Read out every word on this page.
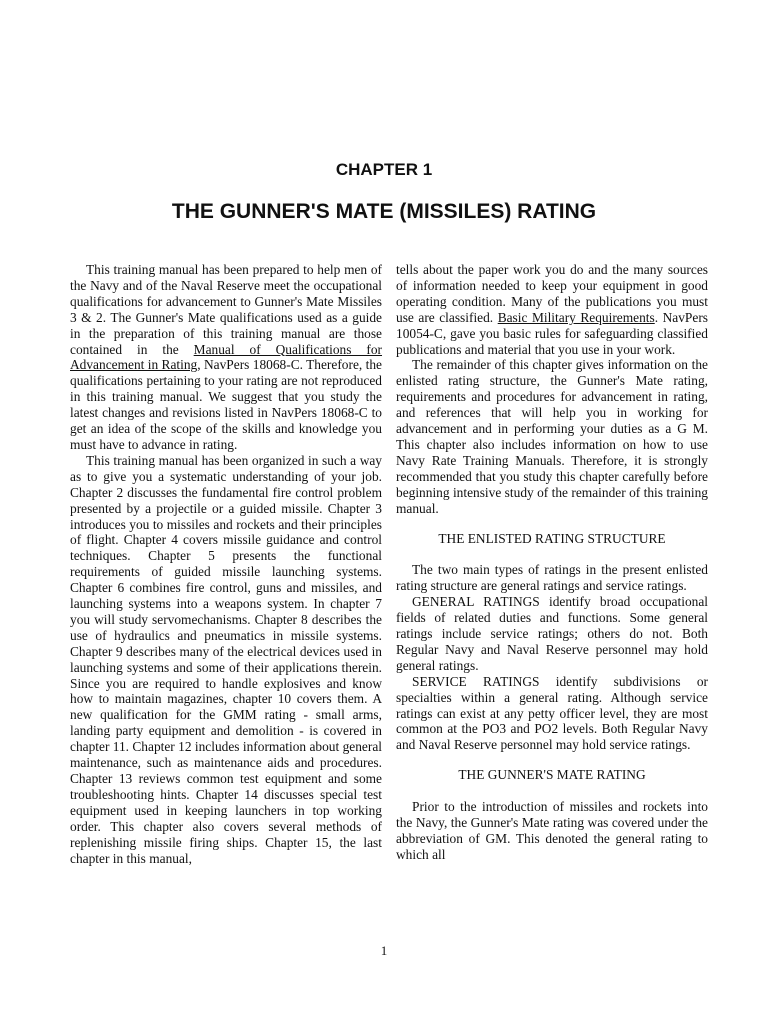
CHAPTER 1
THE GUNNER'S MATE (MISSILES) RATING

This training manual has been prepared to help men of the Navy and of the Naval Reserve meet the occupational qualifications for advancement to Gunner's Mate Missiles 3 & 2. The Gunner's Mate qualifications used as a guide in the preparation of this training manual are those contained in the Manual of Qualifications for Advancement in Rating, NavPers 18068-C. Therefore, the qualifications pertaining to your rating are not reproduced in this training manual. We suggest that you study the latest changes and revisions listed in NavPers 18068-C to get an idea of the scope of the skills and knowledge you must have to advance in rating.

This training manual has been organized in such a way as to give you a systematic understanding of your job. Chapter 2 discusses the fundamental fire control problem presented by a projectile or a guided missile. Chapter 3 introduces you to missiles and rockets and their principles of flight. Chapter 4 covers missile guidance and control techniques. Chapter 5 presents the functional requirements of guided missile launching systems. Chapter 6 combines fire control, guns and missiles, and launching systems into a weapons system. In chapter 7 you will study servomechanisms. Chapter 8 describes the use of hydraulics and pneumatics in missile systems. Chapter 9 describes many of the electrical devices used in launching systems and some of their applications therein. Since you are required to handle explosives and know how to maintain magazines, chapter 10 covers them. A new qualification for the GMM rating - small arms, landing party equipment and demolition - is covered in chapter 11. Chapter 12 includes information about general maintenance, such as maintenance aids and procedures. Chapter 13 reviews common test equipment and some troubleshooting hints. Chapter 14 discusses special test equipment used in keeping launchers in top working order. This chapter also covers several methods of replenishing missile firing ships. Chapter 15, the last chapter in this manual,

tells about the paper work you do and the many sources of information needed to keep your equipment in good operating condition. Many of the publications you must use are classified. Basic Military Requirements. NavPers 10054-C, gave you basic rules for safeguarding classified publications and material that you use in your work.

The remainder of this chapter gives information on the enlisted rating structure, the Gunner's Mate rating, requirements and procedures for advancement in rating, and references that will help you in working for advancement and in performing your duties as a G M. This chapter also includes information on how to use Navy Rate Training Manuals. Therefore, it is strongly recommended that you study this chapter carefully before beginning intensive study of the remainder of this training manual.

THE ENLISTED RATING STRUCTURE

The two main types of ratings in the present enlisted rating structure are general ratings and service ratings.

GENERAL RATINGS identify broad occupational fields of related duties and functions. Some general ratings include service ratings; others do not. Both Regular Navy and Naval Reserve personnel may hold general ratings.

SERVICE RATINGS identify subdivisions or specialties within a general rating. Although service ratings can exist at any petty officer level, they are most common at the PO3 and PO2 levels. Both Regular Navy and Naval Reserve personnel may hold service ratings.

THE GUNNER'S MATE RATING

Prior to the introduction of missiles and rockets into the Navy, the Gunner's Mate rating was covered under the abbreviation of GM. This denoted the general rating to which all

1
